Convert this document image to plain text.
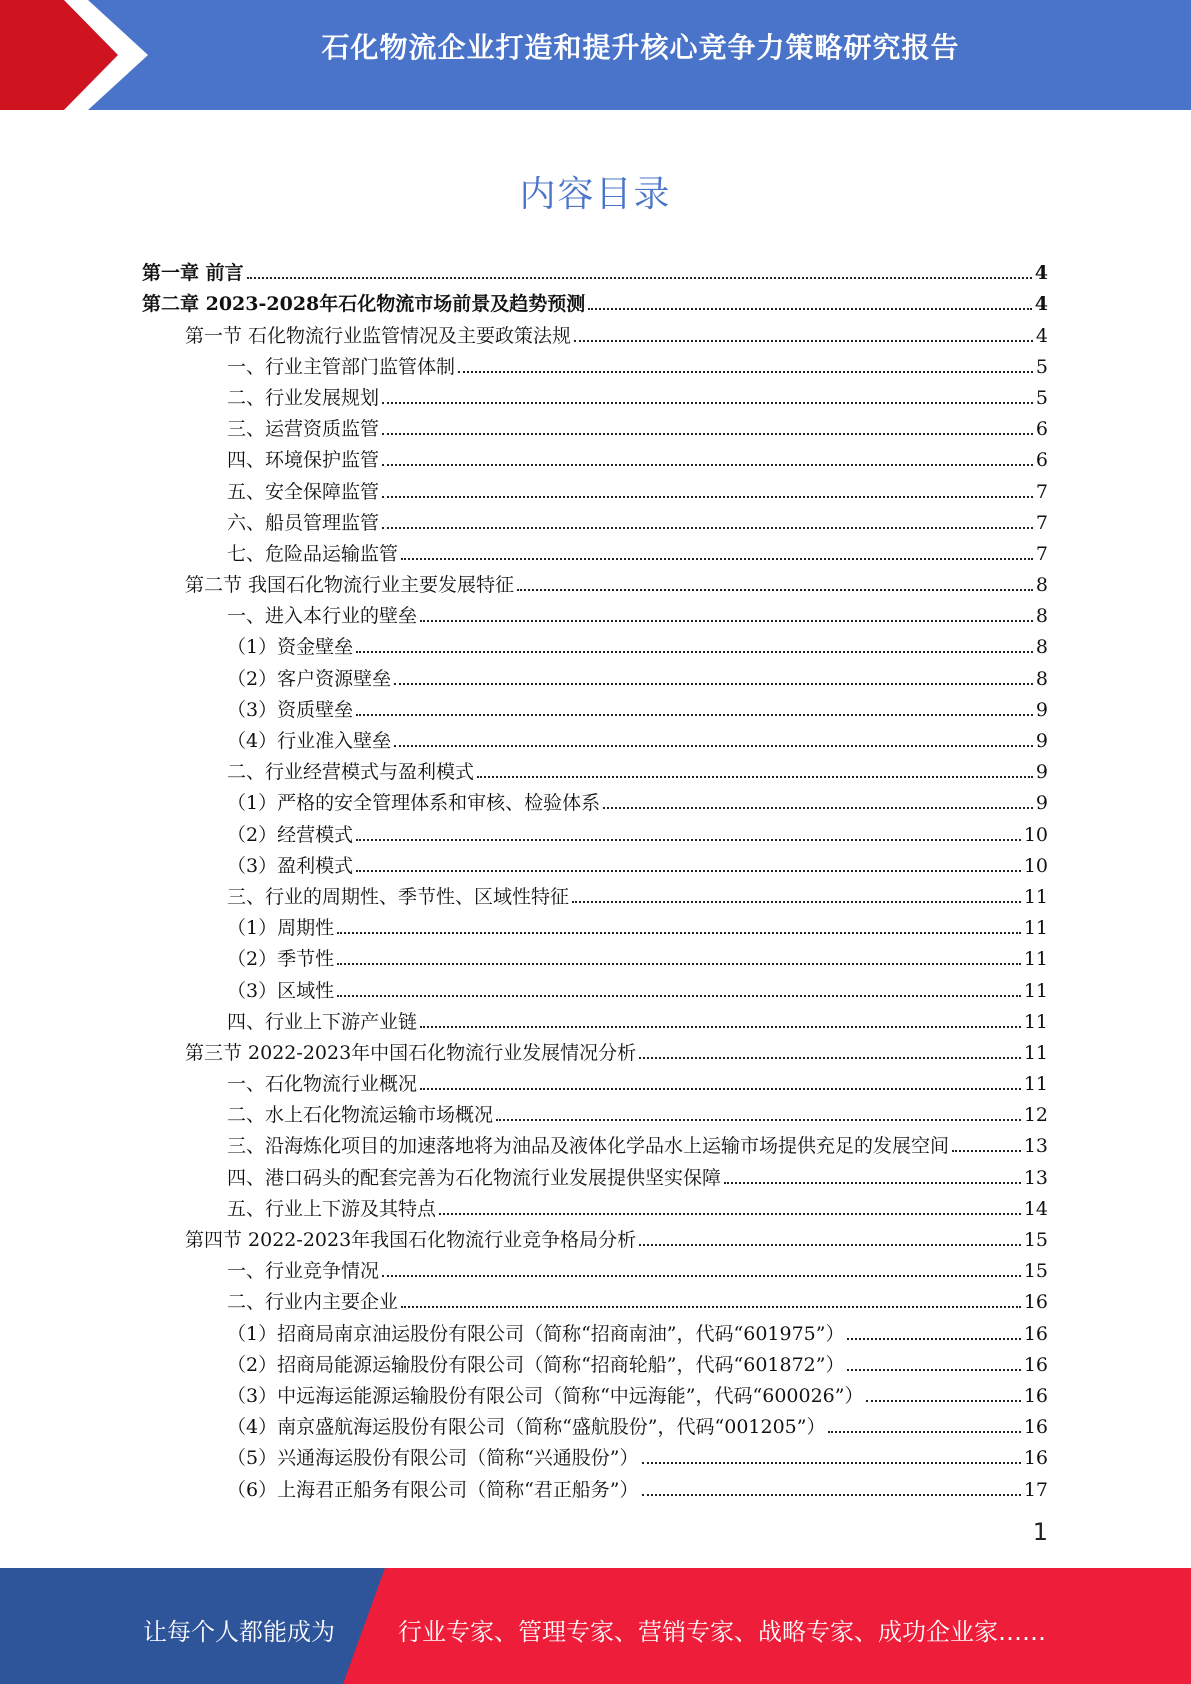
石化物流企业打造和提升核心竞争力策略研究报告
内容目录
第一章 前言	4
第二章 2023-2028年石化物流市场前景及趋势预测	4
第一节 石化物流行业监管情况及主要政策法规	4
一、行业主管部门监管体制	5
二、行业发展规划	5
三、运营资质监管	6
四、环境保护监管	6
五、安全保障监管	7
六、船员管理监管	7
七、危险品运输监管	7
第二节 我国石化物流行业主要发展特征	8
一、进入本行业的壁垒	8
（1）资金壁垒	8
（2）客户资源壁垒	8
（3）资质壁垒	9
（4）行业准入壁垒	9
二、行业经营模式与盈利模式	9
（1）严格的安全管理体系和审核、检验体系	9
（2）经营模式	10
（3）盈利模式	10
三、行业的周期性、季节性、区域性特征	11
（1）周期性	11
（2）季节性	11
（3）区域性	11
四、行业上下游产业链	11
第三节 2022-2023年中国石化物流行业发展情况分析	11
一、石化物流行业概况	11
二、水上石化物流运输市场概况	12
三、沿海炼化项目的加速落地将为油品及液体化学品水上运输市场提供充足的发展空间	13
四、港口码头的配套完善为石化物流行业发展提供坚实保障	13
五、行业上下游及其特点	14
第四节 2022-2023年我国石化物流行业竞争格局分析	15
一、行业竞争情况	15
二、行业内主要企业	16
（1）招商局南京油运股份有限公司（简称“招商南油”，代码“601975”）	16
（2）招商局能源运输股份有限公司（简称“招商轮船”，代码“601872”）	16
（3）中远海运能源运输股份有限公司（简称“中远海能”，代码“600026”）	16
（4）南京盛航海运股份有限公司（简称“盛航股份”，代码“001205”）	16
（5）兴通海运股份有限公司（简称“兴通股份”）	16
（6）上海君正船务有限公司（简称“君正船务”）	17
1
让每个人都能成为	行业专家、管理专家、营销专家、战略专家、成功企业家……
